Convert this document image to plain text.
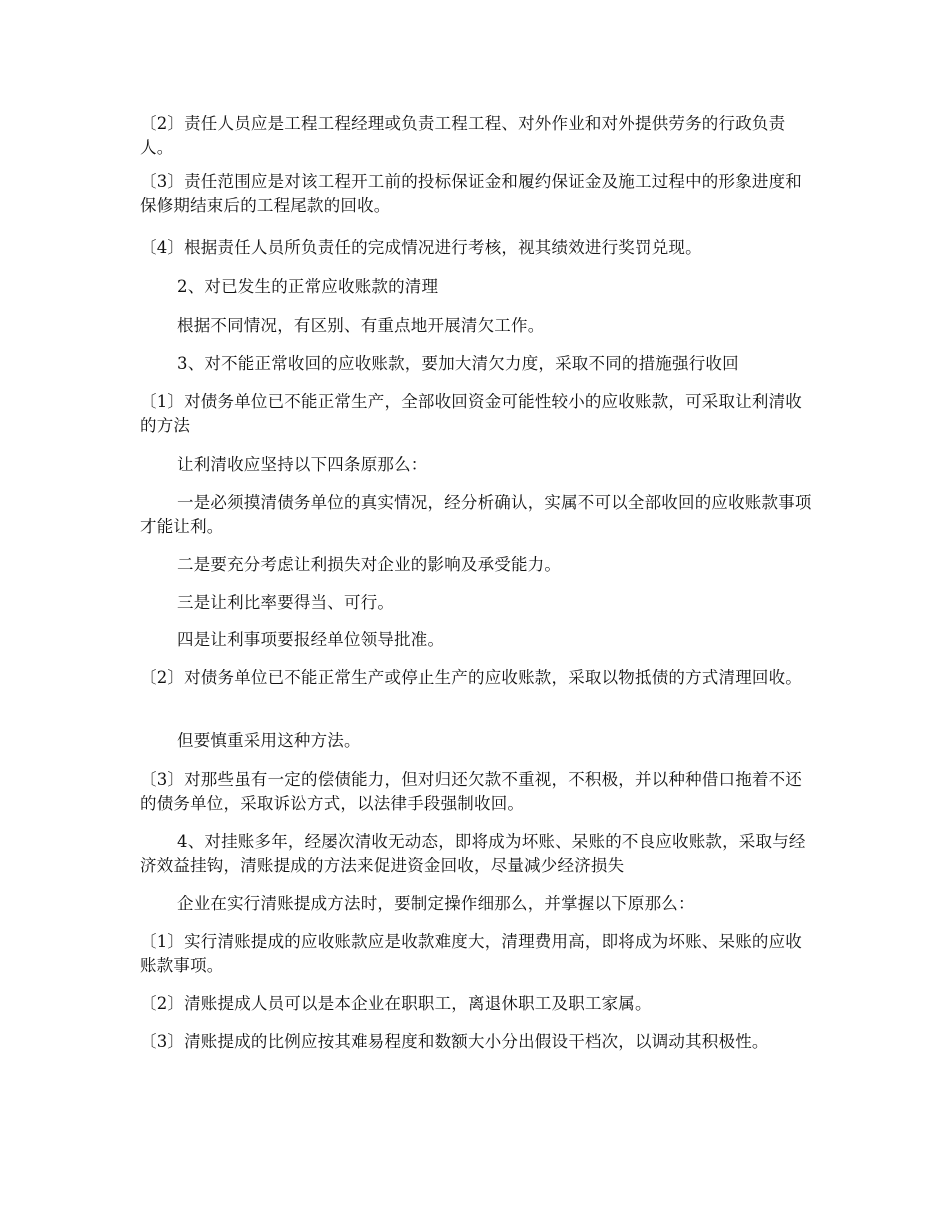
〔2〕责任人员应是工程工程经理或负责工程工程、对外作业和对外提供劳务的行政负责人。

〔3〕责任范围应是对该工程开工前的投标保证金和履约保证金及施工过程中的形象进度和保修期结束后的工程尾款的回收。

〔4〕根据责任人员所负责任的完成情况进行考核，视其绩效进行奖罚兑现。

2、对已发生的正常应收账款的清理

根据不同情况，有区别、有重点地开展清欠工作。

3、对不能正常收回的应收账款，要加大清欠力度，采取不同的措施强行收回

〔1〕对债务单位已不能正常生产，全部收回资金可能性较小的应收账款，可采取让利清收的方法

让利清收应坚持以下四条原那么：

一是必须摸清债务单位的真实情况，经分析确认，实属不可以全部收回的应收账款事项才能让利。

二是要充分考虑让利损失对企业的影响及承受能力。

三是让利比率要得当、可行。

四是让利事项要报经单位领导批准。

〔2〕对债务单位已不能正常生产或停止生产的应收账款，采取以物抵债的方式清理回收。

但要慎重采用这种方法。

〔3〕对那些虽有一定的偿债能力，但对归还欠款不重视，不积极，并以种种借口拖着不还的债务单位，采取诉讼方式，以法律手段强制收回。

4、对挂账多年，经屡次清收无动态，即将成为坏账、呆账的不良应收账款，采取与经济效益挂钩，清账提成的方法来促进资金回收，尽量减少经济损失

企业在实行清账提成方法时，要制定操作细那么，并掌握以下原那么：

〔1〕实行清账提成的应收账款应是收款难度大，清理费用高，即将成为坏账、呆账的应收账款事项。

〔2〕清账提成人员可以是本企业在职职工，离退休职工及职工家属。

〔3〕清账提成的比例应按其难易程度和数额大小分出假设干档次，以调动其积极性。
